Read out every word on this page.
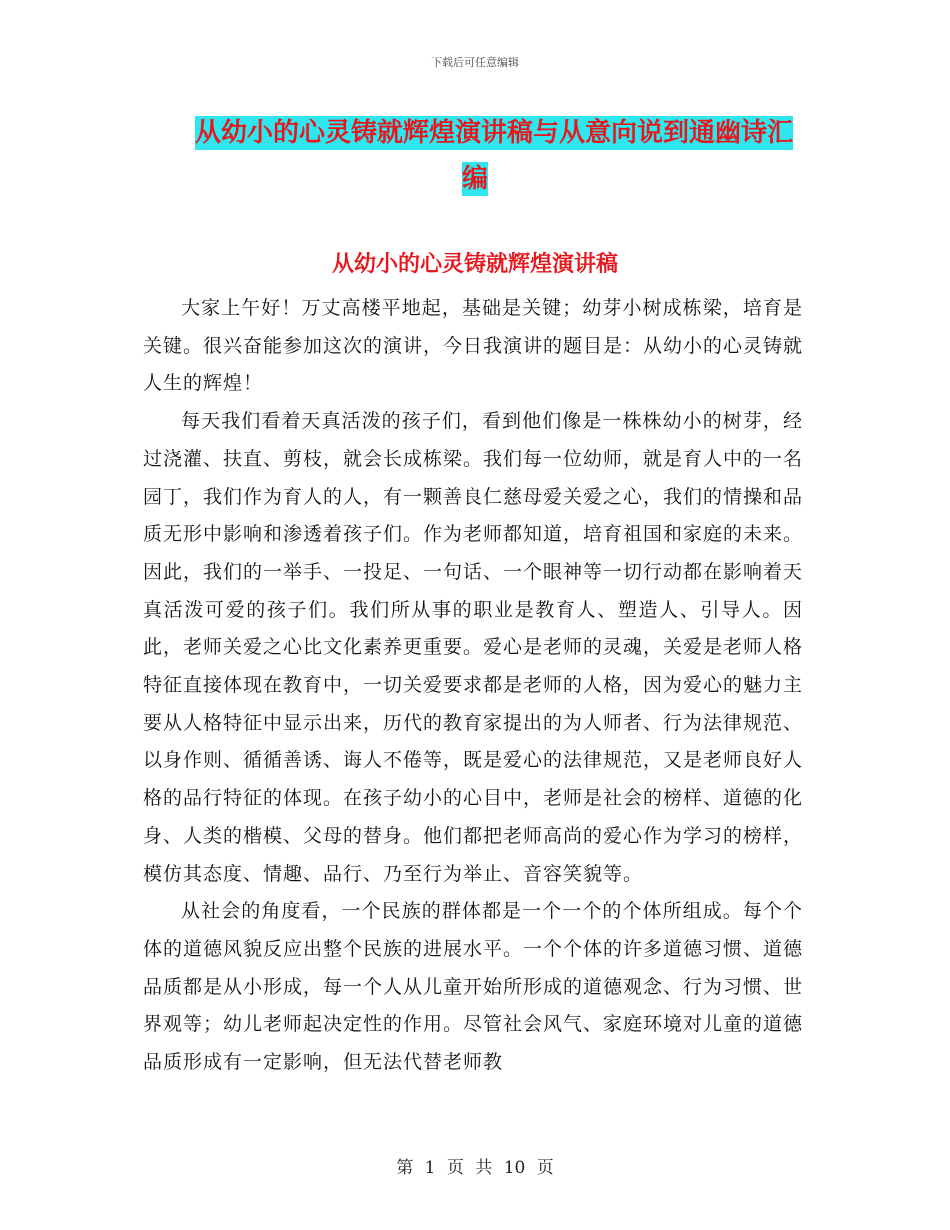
下载后可任意编辑
从幼小的心灵铸就辉煌演讲稿与从意向说到通幽诗汇
编
从幼小的心灵铸就辉煌演讲稿

大家上午好！万丈高楼平地起，基础是关键；幼芽小树成栋梁，培育是关键。很兴奋能参加这次的演讲，今日我演讲的题目是：从幼小的心灵铸就人生的辉煌！

每天我们看着天真活泼的孩子们，看到他们像是一株株幼小的树芽，经过浇灌、扶直、剪枝，就会长成栋梁。我们每一位幼师，就是育人中的一名园丁，我们作为育人的人，有一颗善良仁慈母爱关爱之心，我们的情操和品质无形中影响和渗透着孩子们。作为老师都知道，培育祖国和家庭的未来。因此，我们的一举手、一投足、一句话、一个眼神等一切行动都在影响着天真活泼可爱的孩子们。我们所从事的职业是教育人、塑造人、引导人。因此，老师关爱之心比文化素养更重要。爱心是老师的灵魂，关爱是老师人格特征直接体现在教育中，一切关爱要求都是老师的人格，因为爱心的魅力主要从人格特征中显示出来，历代的教育家提出的为人师者、行为法律规范、以身作则、循循善诱、诲人不倦等，既是爱心的法律规范，又是老师良好人格的品行特征的体现。在孩子幼小的心目中，老师是社会的榜样、道德的化身、人类的楷模、父母的替身。他们都把老师高尚的爱心作为学习的榜样，模仿其态度、情趣、品行、乃至行为举止、音容笑貌等。

从社会的角度看，一个民族的群体都是一个一个的个体所组成。每个个体的道德风貌反应出整个民族的进展水平。一个个体的许多道德习惯、道德品质都是从小形成，每一个人从儿童开始所形成的道德观念、行为习惯、世界观等；幼儿老师起决定性的作用。尽管社会风气、家庭环境对儿童的道德品质形成有一定影响，但无法代替老师教

第 1 页 共 10 页
